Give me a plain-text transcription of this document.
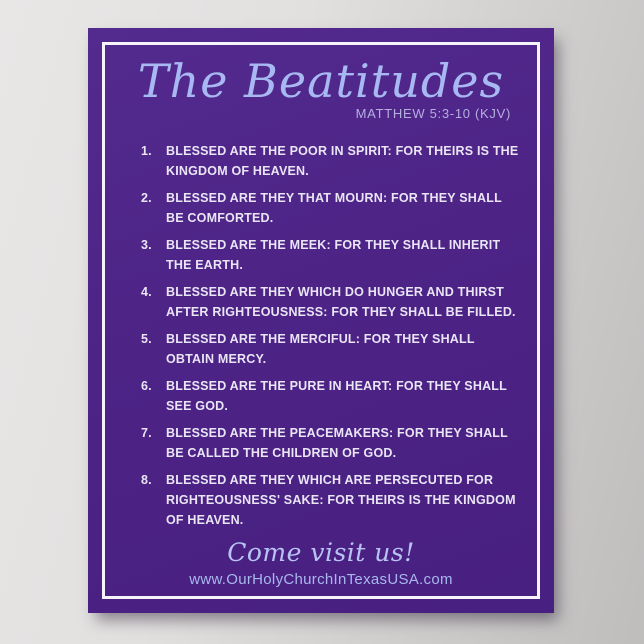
The Beatitudes
MATTHEW 5:3-10 (KJV)
1.	BLESSED ARE THE POOR IN SPIRIT: FOR THEIRS IS THE
KINGDOM OF HEAVEN.
2.	BLESSED ARE THEY THAT MOURN: FOR THEY SHALL
BE COMFORTED.
3.	BLESSED ARE THE MEEK: FOR THEY SHALL INHERIT
THE EARTH.
4.	BLESSED ARE THEY WHICH DO HUNGER AND THIRST
AFTER RIGHTEOUSNESS: FOR THEY SHALL BE FILLED.
5.	BLESSED ARE THE MERCIFUL: FOR THEY SHALL
OBTAIN MERCY.
6.	BLESSED ARE THE PURE IN HEART: FOR THEY SHALL
SEE GOD.
7.	BLESSED ARE THE PEACEMAKERS: FOR THEY SHALL
BE CALLED THE CHILDREN OF GOD.
8.	BLESSED ARE THEY WHICH ARE PERSECUTED FOR
RIGHTEOUSNESS' SAKE: FOR THEIRS IS THE KINGDOM
OF HEAVEN.
Come visit us!
www.OurHolyChurchInTexasUSA.com
